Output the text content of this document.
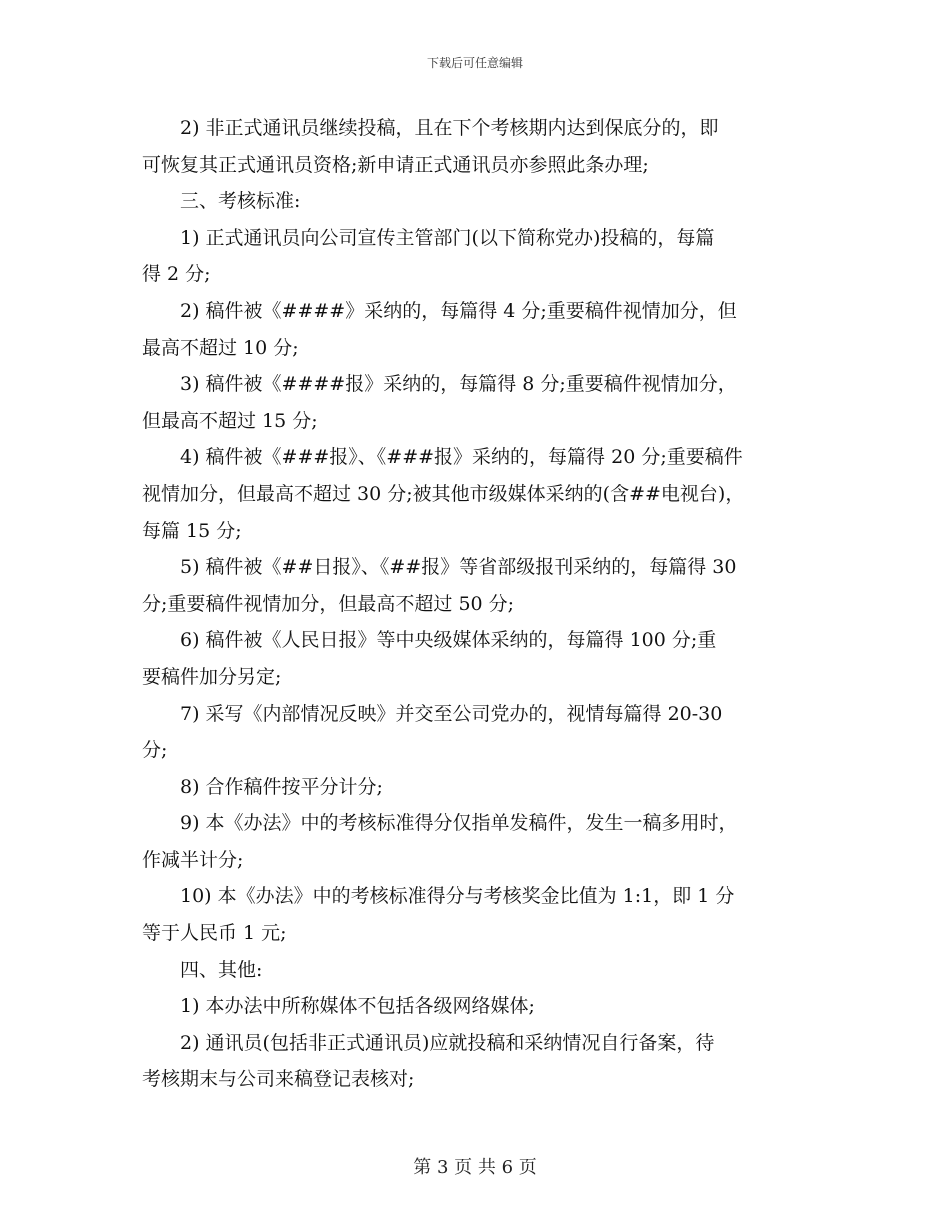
下载后可任意编辑

2) 非正式通讯员继续投稿，且在下个考核期内达到保底分的，即
可恢复其正式通讯员资格;新申请正式通讯员亦参照此条办理;

三、考核标准:

1) 正式通讯员向公司宣传主管部门(以下简称党办)投稿的，每篇
得 2 分;

2) 稿件被《####》采纳的，每篇得 4 分;重要稿件视情加分，但
最高不超过 10 分;

3) 稿件被《####报》采纳的，每篇得 8 分;重要稿件视情加分，
但最高不超过 15 分;

4) 稿件被《###报》、《###报》采纳的，每篇得 20 分;重要稿件
视情加分，但最高不超过 30 分;被其他市级媒体采纳的(含##电视台)，
每篇 15 分;

5) 稿件被《##日报》、《##报》等省部级报刊采纳的，每篇得 30
分;重要稿件视情加分，但最高不超过 50 分;

6) 稿件被《人民日报》等中央级媒体采纳的，每篇得 100 分;重
要稿件加分另定;

7) 采写《内部情况反映》并交至公司党办的，视情每篇得 20-30
分;

8) 合作稿件按平分计分;

9) 本《办法》中的考核标准得分仅指单发稿件，发生一稿多用时，
作减半计分;

10) 本《办法》中的考核标准得分与考核奖金比值为 1:1，即 1 分
等于人民币 1 元;

四、其他:

1) 本办法中所称媒体不包括各级网络媒体;

2) 通讯员(包括非正式通讯员)应就投稿和采纳情况自行备案，待
考核期末与公司来稿登记表核对;

第 3 页 共 6 页
